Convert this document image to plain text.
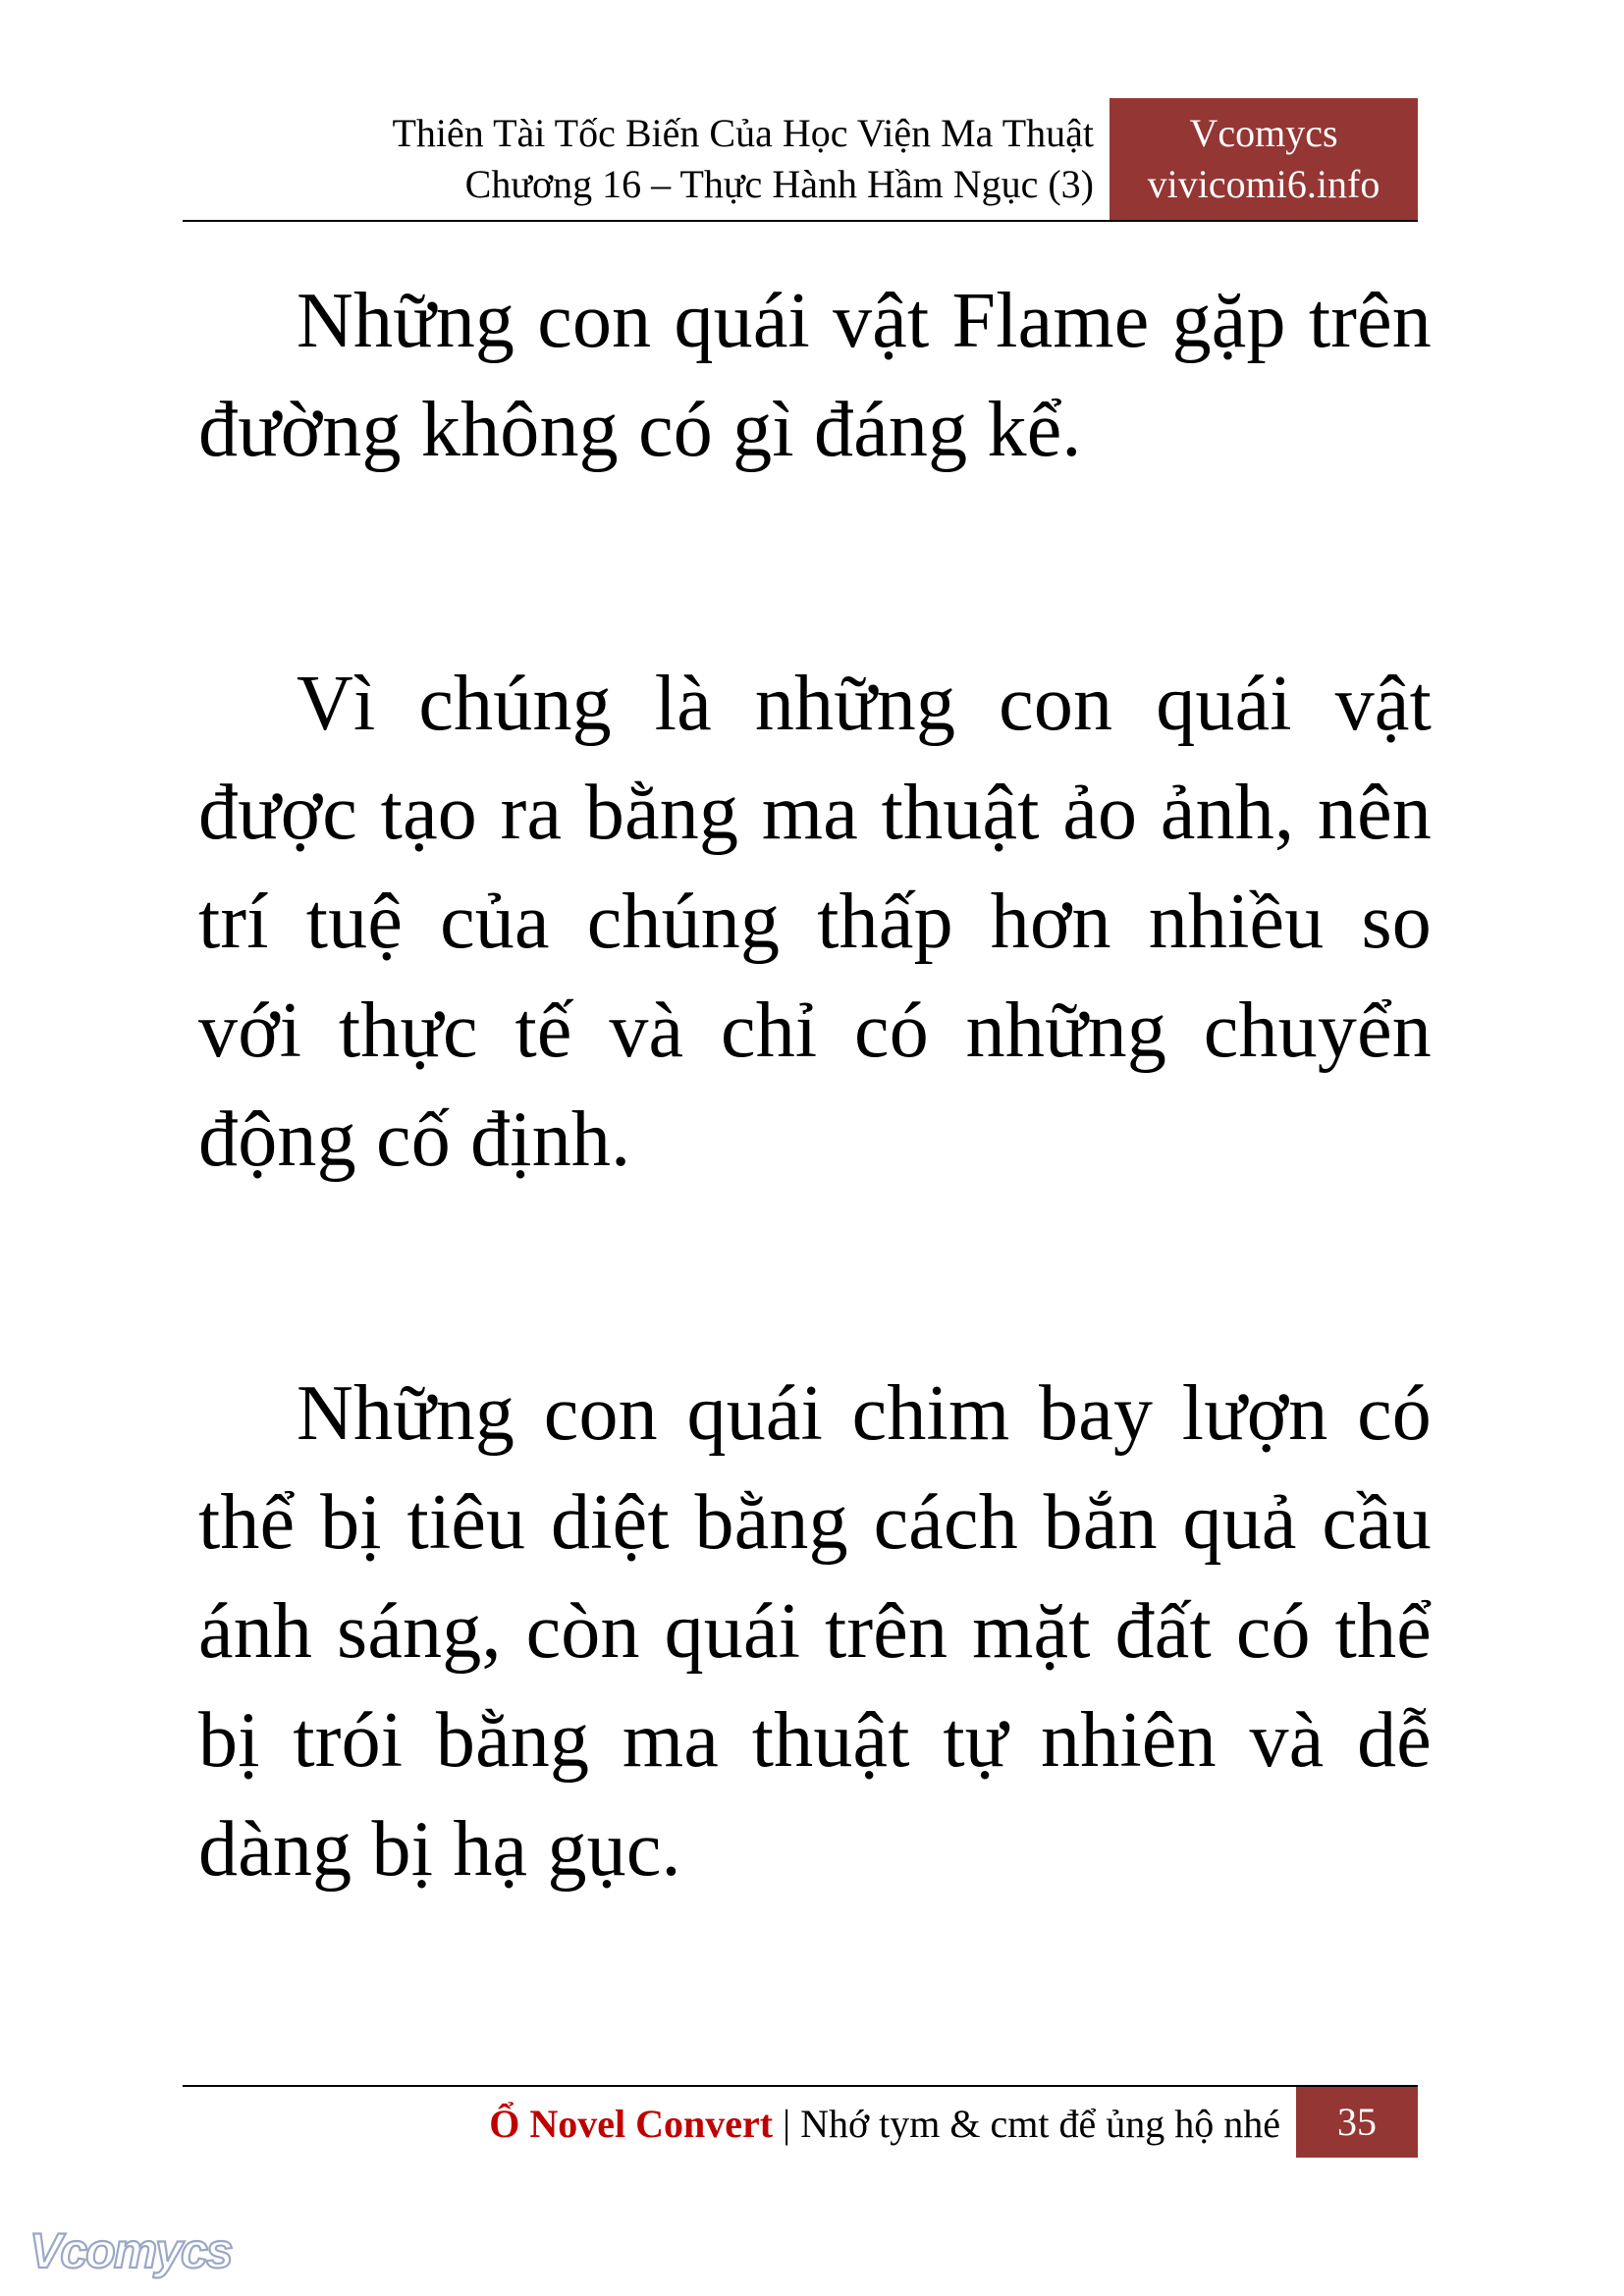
Thiên Tài Tốc Biến Của Học Viện Ma Thuật
Chương 16 – Thực Hành Hầm Ngục (3)
Vcomycs
vivicomi6.info

Những con quái vật Flame gặp trên đường không có gì đáng kể.

Vì chúng là những con quái vật được tạo ra bằng ma thuật ảo ảnh, nên trí tuệ của chúng thấp hơn nhiều so với thực tế và chỉ có những chuyển động cố định.

Những con quái chim bay lượn có thể bị tiêu diệt bằng cách bắn quả cầu ánh sáng, còn quái trên mặt đất có thể bị trói bằng ma thuật tự nhiên và dễ dàng bị hạ gục.

Ổ Novel Convert | Nhớ tym & cmt để ủng hộ nhé	35
Vcomycs
